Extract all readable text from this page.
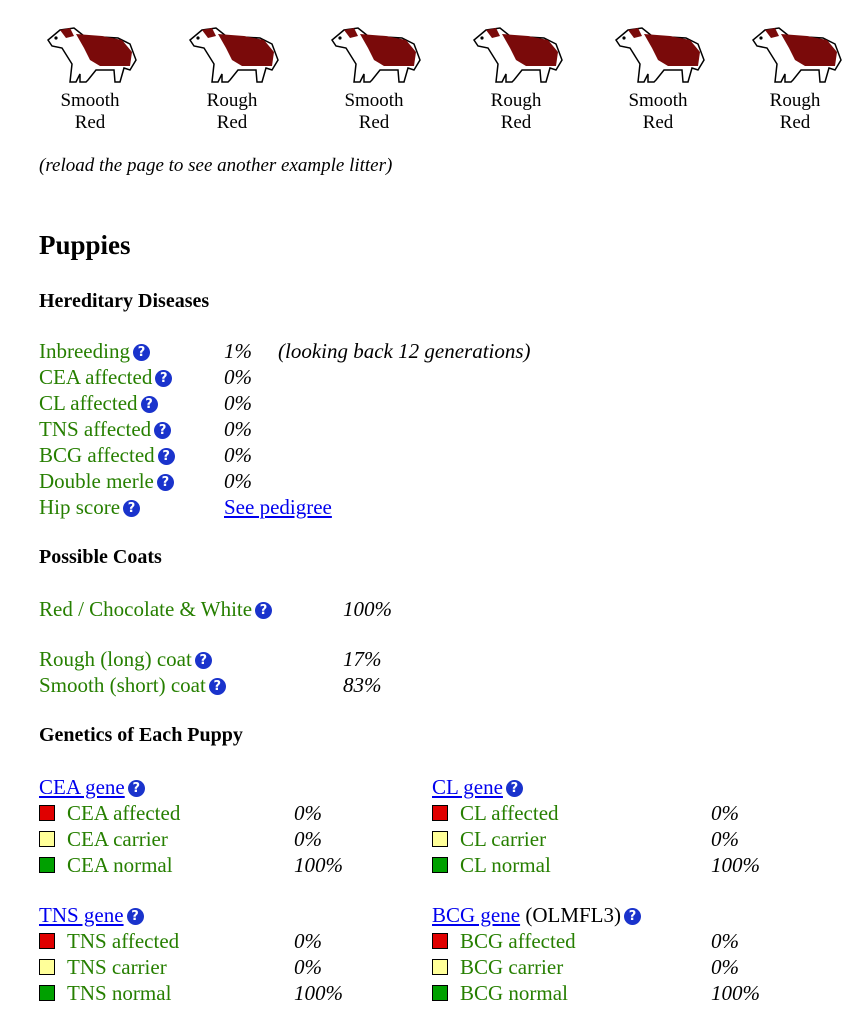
Smooth
Red
Rough
Red
Smooth
Red
Rough
Red
Smooth
Red
Rough
Red
(reload the page to see another example litter)
Puppies
Hereditary Diseases
Inbreeding ?	1% (looking back 12 generations)
CEA affected ?	0%
CL affected ?	0%
TNS affected ?	0%
BCG affected ?	0%
Double merle ?	0%
Hip score ?	See pedigree
Possible Coats
Red / Chocolate & White ?	100%
Rough (long) coat ?	17%
Smooth (short) coat ?	83%
Genetics of Each Puppy
CEA gene ?
CEA affected	0%
CEA carrier	0%
CEA normal	100%
CL gene ?
CL affected	0%
CL carrier	0%
CL normal	100%
TNS gene ?
TNS affected	0%
TNS carrier	0%
TNS normal	100%
BCG gene (OLMFL3) ?
BCG affected	0%
BCG carrier	0%
BCG normal	100%
